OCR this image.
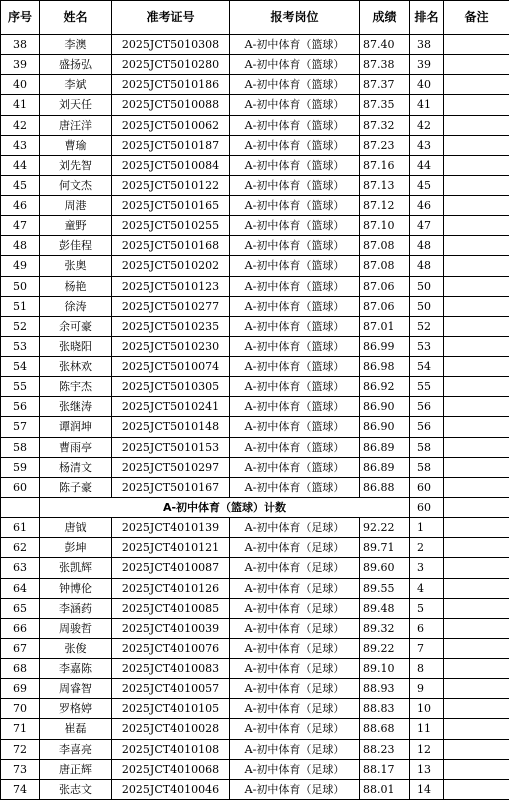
序号	姓名	准考证号	报考岗位	成绩	排名	备注
38	李澳	2025JCT5010308	A-初中体育（篮球）	87.40	38	
39	盛扬弘	2025JCT5010280	A-初中体育（篮球）	87.38	39	
40	李斌	2025JCT5010186	A-初中体育（篮球）	87.37	40	
41	刘天任	2025JCT5010088	A-初中体育（篮球）	87.35	41	
42	唐汪洋	2025JCT5010062	A-初中体育（篮球）	87.32	42	
43	曹瑜	2025JCT5010187	A-初中体育（篮球）	87.23	43	
44	刘先智	2025JCT5010084	A-初中体育（篮球）	87.16	44	
45	何文杰	2025JCT5010122	A-初中体育（篮球）	87.13	45	
46	周港	2025JCT5010165	A-初中体育（篮球）	87.12	46	
47	童野	2025JCT5010255	A-初中体育（篮球）	87.10	47	
48	彭佳程	2025JCT5010168	A-初中体育（篮球）	87.08	48	
49	张奥	2025JCT5010202	A-初中体育（篮球）	87.08	48	
50	杨艳	2025JCT5010123	A-初中体育（篮球）	87.06	50	
51	徐涛	2025JCT5010277	A-初中体育（篮球）	87.06	50	
52	余可豪	2025JCT5010235	A-初中体育（篮球）	87.01	52	
53	张晓阳	2025JCT5010230	A-初中体育（篮球）	86.99	53	
54	张林欢	2025JCT5010074	A-初中体育（篮球）	86.98	54	
55	陈宇杰	2025JCT5010305	A-初中体育（篮球）	86.92	55	
56	张继涛	2025JCT5010241	A-初中体育（篮球）	86.90	56	
57	谭润坤	2025JCT5010148	A-初中体育（篮球）	86.90	56	
58	曹雨亭	2025JCT5010153	A-初中体育（篮球）	86.89	58	
59	杨清文	2025JCT5010297	A-初中体育（篮球）	86.89	58	
60	陈子豪	2025JCT5010167	A-初中体育（篮球）	86.88	60	
	A-初中体育（篮球）计数				60	
61	唐钺	2025JCT4010139	A-初中体育（足球）	92.22	1	
62	彭坤	2025JCT4010121	A-初中体育（足球）	89.71	2	
63	张凯辉	2025JCT4010087	A-初中体育（足球）	89.60	3	
64	钟博伦	2025JCT4010126	A-初中体育（足球）	89.55	4	
65	李涵药	2025JCT4010085	A-初中体育（足球）	89.48	5	
66	周骏哲	2025JCT4010039	A-初中体育（足球）	89.32	6	
67	张俊	2025JCT4010076	A-初中体育（足球）	89.22	7	
68	李嘉陈	2025JCT4010083	A-初中体育（足球）	89.10	8	
69	周睿智	2025JCT4010057	A-初中体育（足球）	88.93	9	
70	罗格婷	2025JCT4010105	A-初中体育（足球）	88.83	10	
71	崔磊	2025JCT4010028	A-初中体育（足球）	88.68	11	
72	李喜亮	2025JCT4010108	A-初中体育（足球）	88.23	12	
73	唐正辉	2025JCT4010068	A-初中体育（足球）	88.17	13	
74	张志文	2025JCT4010046	A-初中体育（足球）	88.01	14	
